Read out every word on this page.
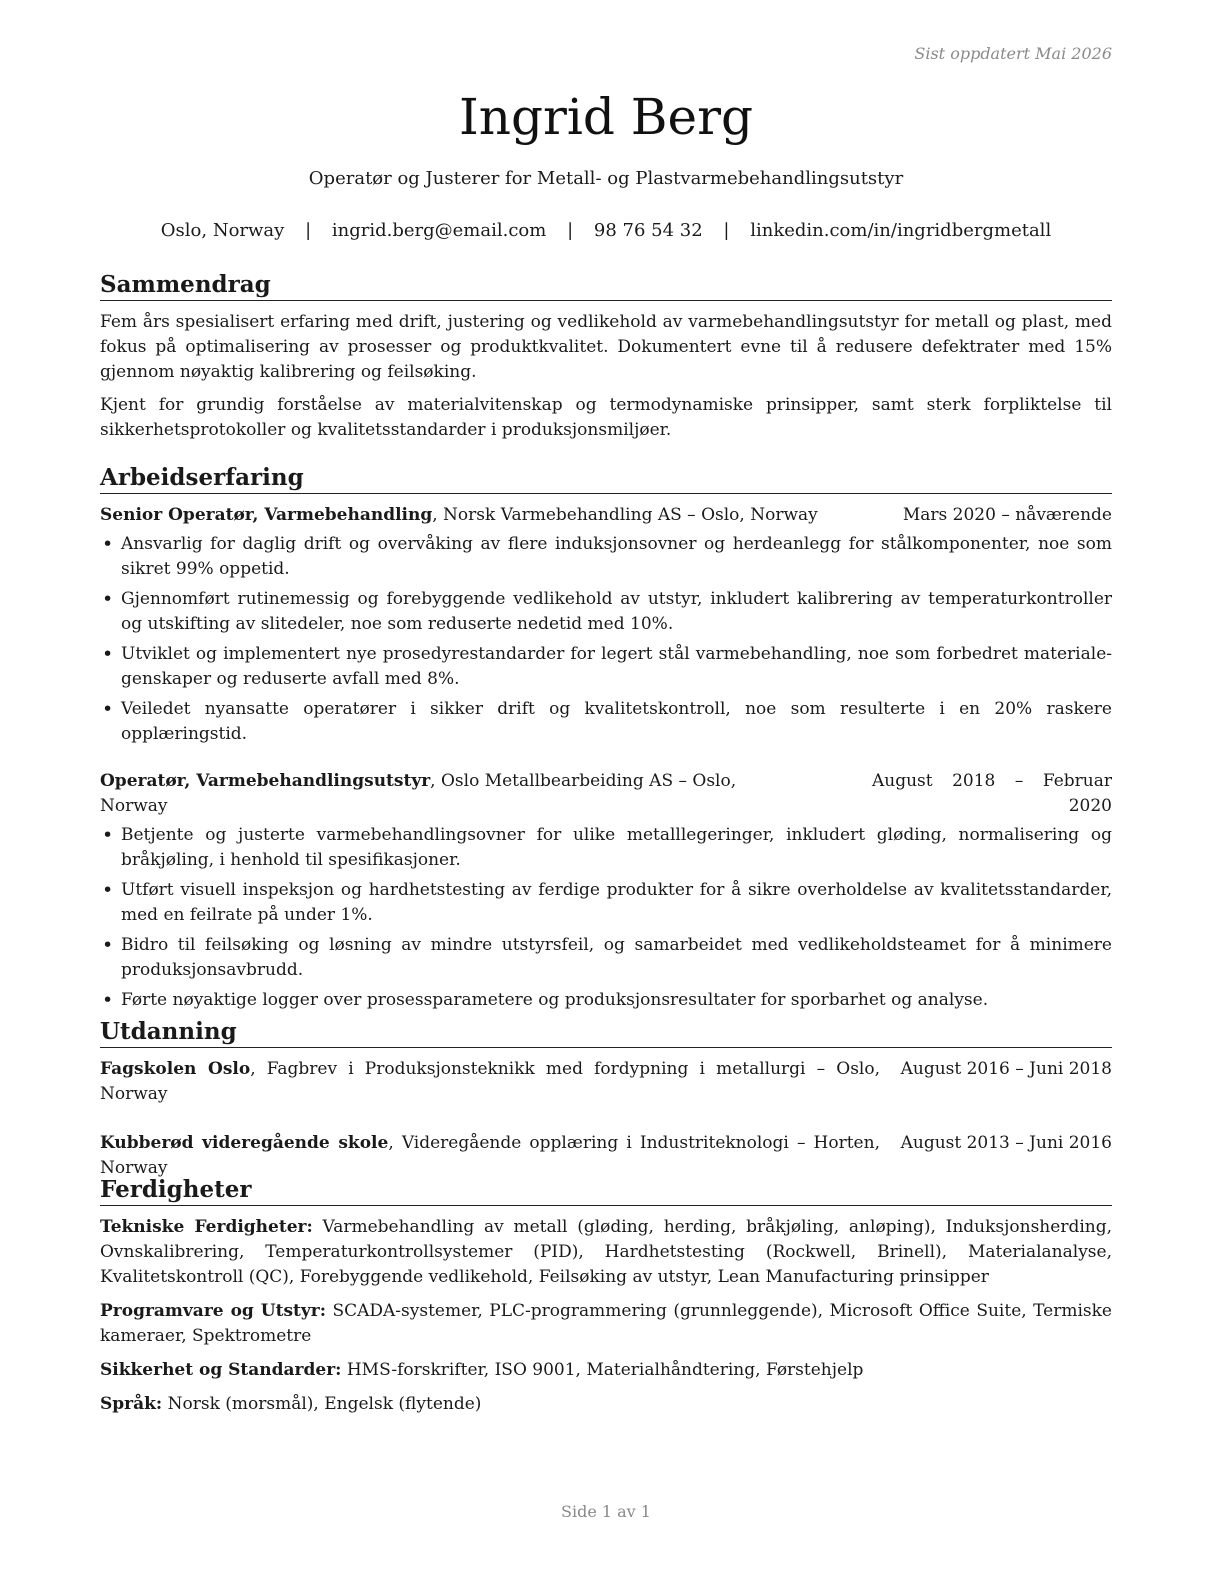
Sist oppdatert Mai 2026
Ingrid Berg
Operatør og Justerer for Metall- og Plastvarmebehandlingsutstyr
Oslo, Norway | ingrid.berg@email.com | 98 76 54 32 | linkedin.com/in/ingridbergmetall
Sammendrag

Fem års spesialisert erfaring med drift, justering og vedlikehold av varmebehandlingsutstyr for metall og plast, med fokus på optimalisering av prosesser og produktkvalitet. Dokumentert evne til å redusere defektrater med 15% gjennom nøyaktig kalibrering og feilsøking.

Kjent for grundig forståelse av materialvitenskap og termodynamiske prinsipper, samt sterk forpliktelse til sikkerhetsprotokoller og kvalitetsstandarder i produksjonsmiljøer.

Arbeidserfaring
Senior Operatør, Varmebehandling, Norsk Varmebehandling AS – Oslo, Norway	Mars 2020 – nåværende
• Ansvarlig for daglig drift og overvåking av flere induksjonsovner og herdeanlegg for stålkomponenter, noe som sikret 99% oppetid.
• Gjennomført rutinemessig og forebyggende vedlikehold av utstyr, inkludert kalibrering av temperaturkontroller og utskifting av slitedeler, noe som reduserte nedetid med 10%.
• Utviklet og implementert nye prosedyrestandarder for legert stål varmebehandling, noe som forbedret materialegenskaper og reduserte avfall med 8%.
• Veiledet nyansatte operatører i sikker drift og kvalitetskontroll, noe som resulterte i en 20% raskere opplæringstid.
Operatør, Varmebehandlingsutstyr, Oslo Metallbearbeiding AS – Oslo, Norway
August 2018 – Februar 2020
• Betjente og justerte varmebehandlingsovner for ulike metalllegeringer, inkludert gløding, normalisering og bråkjøling, i henhold til spesifikasjoner.
• Utført visuell inspeksjon og hardhetstesting av ferdige produkter for å sikre overholdelse av kvalitetsstandarder, med en feilrate på under 1%.
• Bidro til feilsøking og løsning av mindre utstyrsfeil, og samarbeidet med vedlikeholdsteamet for å minimere produksjonsavbrudd.
• Førte nøyaktige logger over prosessparametere og produksjonsresultater for sporbarhet og analyse.
Utdanning
Fagskolen Oslo, Fagbrev i Produksjonsteknikk med fordypning i metallurgi – Oslo, Norway
August 2016 – Juni 2018
Kubberød videregående skole, Videregående opplæring i Industriteknologi – Horten, Norway
August 2013 – Juni 2016
Ferdigheter

Tekniske Ferdigheter: Varmebehandling av metall (gløding, herding, bråkjøling, anløping), Induksjonsherding, Ovnskalibrering, Temperaturkontrollsystemer (PID), Hardhetstesting (Rockwell, Brinell), Materialanalyse, Kvalitetskontroll (QC), Forebyggende vedlikehold, Feilsøking av utstyr, Lean Manufacturing prinsipper

Programvare og Utstyr: SCADA-systemer, PLC-programmering (grunnleggende), Microsoft Office Suite, Termiske kameraer, Spektrometre

Sikkerhet og Standarder: HMS-forskrifter, ISO 9001, Materialhåndtering, Førstehjelp

Språk: Norsk (morsmål), Engelsk (flytende)

Side 1 av 1
